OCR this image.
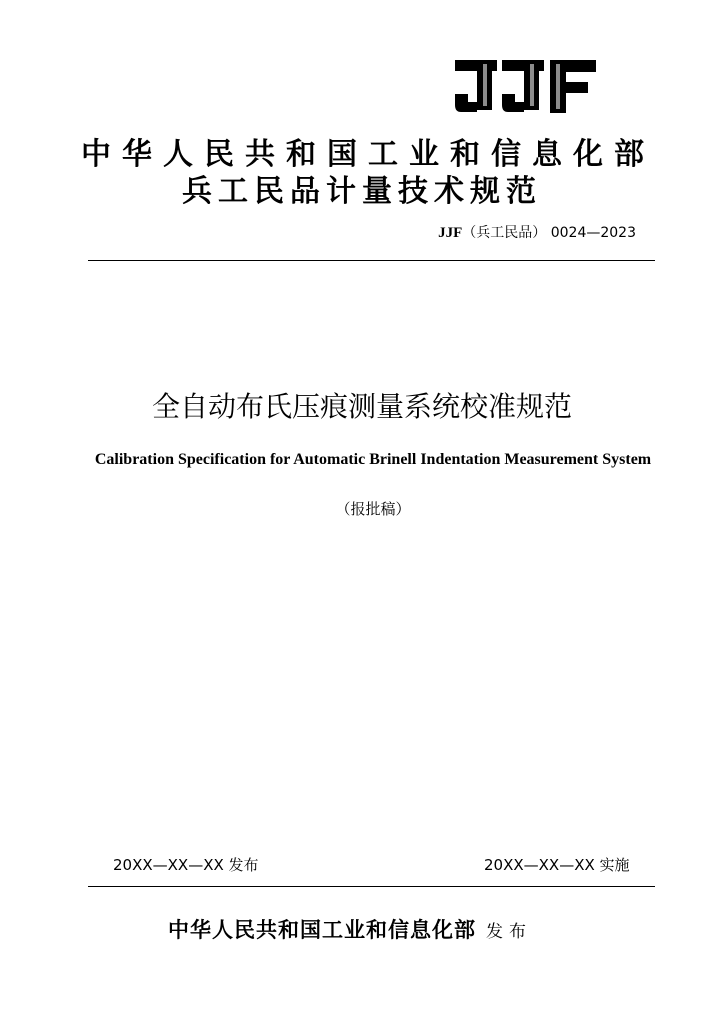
中华人民共和国工业和信息化部
兵工民品计量技术规范
JJF（兵工民品） 0024—2023
全自动布氏压痕测量系统校准规范
Calibration Specification for Automatic Brinell Indentation Measurement System
（报批稿）
20XX—XX—XX 发布	20XX—XX—XX 实施
中华人民共和国工业和信息化部 发布
